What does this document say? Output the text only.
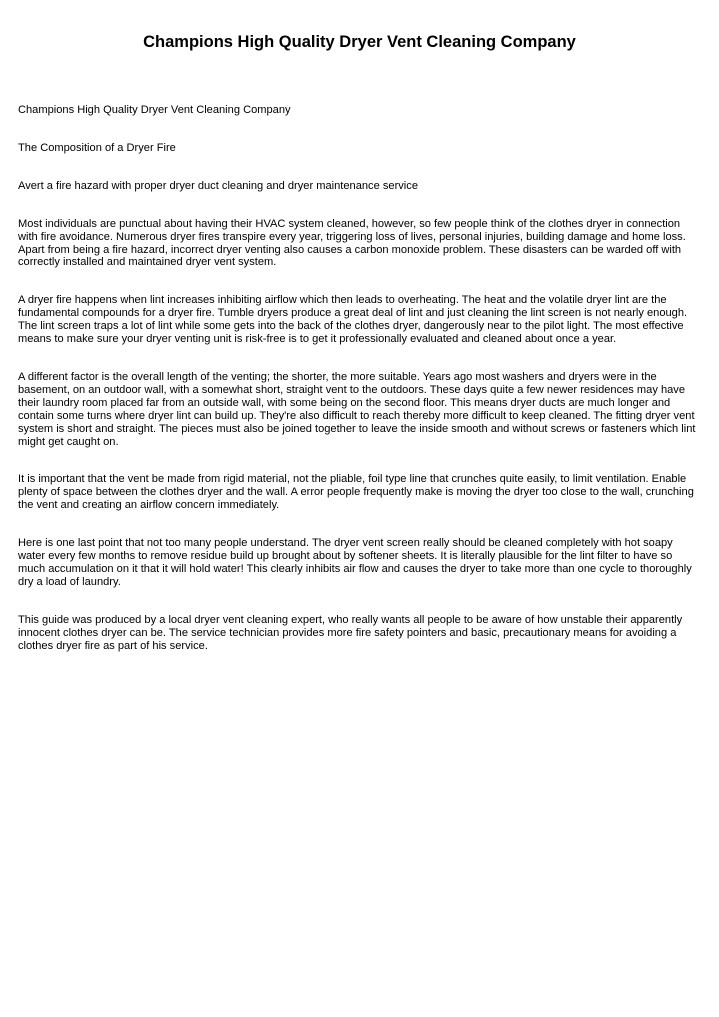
Champions High Quality Dryer Vent Cleaning Company

Champions High Quality Dryer Vent Cleaning Company

The Composition of a Dryer Fire

Avert a fire hazard with proper dryer duct cleaning and dryer maintenance service

Most individuals are punctual about having their HVAC system cleaned, however, so few people think of the clothes dryer in connection with fire avoidance. Numerous dryer fires transpire every year, triggering loss of lives, personal injuries, building damage and home loss. Apart from being a fire hazard, incorrect dryer venting also causes a carbon monoxide problem. These disasters can be warded off with correctly installed and maintained dryer vent system.

A dryer fire happens when lint increases inhibiting airflow which then leads to overheating. The heat and the volatile dryer lint are the fundamental compounds for a dryer fire. Tumble dryers produce a great deal of lint and just cleaning the lint screen is not nearly enough. The lint screen traps a lot of lint while some gets into the back of the clothes dryer, dangerously near to the pilot light. The most effective means to make sure your dryer venting unit is risk-free is to get it professionally evaluated and cleaned about once a year.

A different factor is the overall length of the venting; the shorter, the more suitable. Years ago most washers and dryers were in the basement, on an outdoor wall, with a somewhat short, straight vent to the outdoors. These days quite a few newer residences may have their laundry room placed far from an outside wall, with some being on the second floor. This means dryer ducts are much longer and contain some turns where dryer lint can build up. They're also difficult to reach thereby more difficult to keep cleaned. The fitting dryer vent system is short and straight. The pieces must also be joined together to leave the inside smooth and without screws or fasteners which lint might get caught on.

It is important that the vent be made from rigid material, not the pliable, foil type line that crunches quite easily, to limit ventilation. Enable plenty of space between the clothes dryer and the wall. A error people frequently make is moving the dryer too close to the wall, crunching the vent and creating an airflow concern immediately.

Here is one last point that not too many people understand. The dryer vent screen really should be cleaned completely with hot soapy water every few months to remove residue build up brought about by softener sheets. It is literally plausible for the lint filter to have so much accumulation on it that it will hold water! This clearly inhibits air flow and causes the dryer to take more than one cycle to thoroughly dry a load of laundry.

This guide was produced by a local dryer vent cleaning expert, who really wants all people to be aware of how unstable their apparently innocent clothes dryer can be. The service technician provides more fire safety pointers and basic, precautionary means for avoiding a clothes dryer fire as part of his service.
